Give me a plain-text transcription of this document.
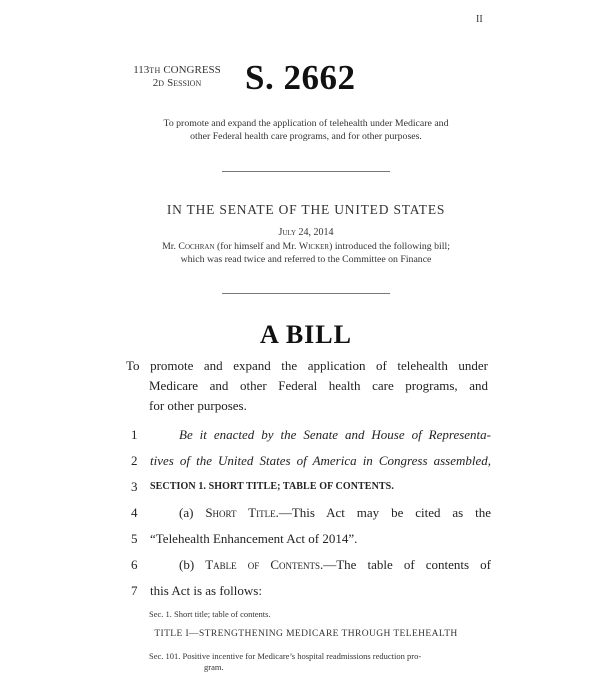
II
113TH CONGRESS
2D Session	S. 2662
To promote and expand the application of telehealth under Medicare and
other Federal health care programs, and for other purposes.
IN THE SENATE OF THE UNITED STATES
July 24, 2014
Mr. Cochran (for himself and Mr. Wicker) introduced the following bill;
which was read twice and referred to the Committee on Finance
A BILL
To promote and expand the application of telehealth under
Medicare and other Federal health care programs, and
for other purposes.
1	Be it enacted by the Senate and House of Representa-
2 tives of the United States of America in Congress assembled,
3	SECTION 1. SHORT TITLE; TABLE OF CONTENTS.
4	(a) Short Title.—This Act may be cited as the
5 “Telehealth Enhancement Act of 2014”.
6	(b) Table of Contents.—The table of contents of
7 this Act is as follows:
Sec. 1. Short title; table of contents.
TITLE I—STRENGTHENING MEDICARE THROUGH TELEHEALTH
Sec. 101. Positive incentive for Medicare’s hospital readmissions reduction pro-
gram.
